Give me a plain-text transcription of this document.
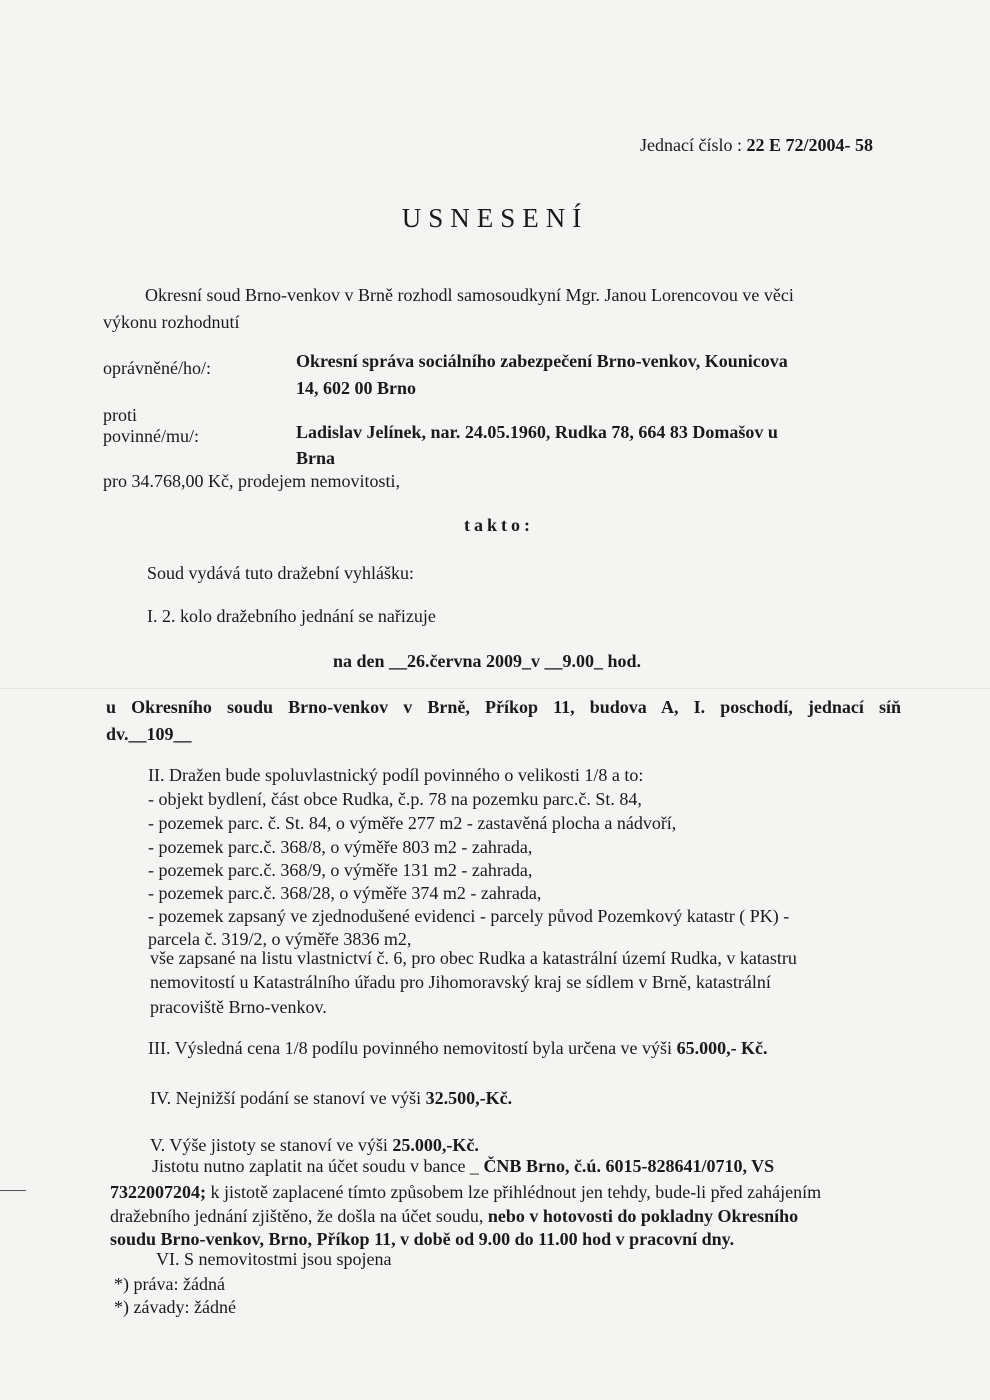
Jednací číslo : 22 E 72/2004- 58
USNESENÍ
Okresní soud Brno-venkov v Brně rozhodl samosoudkyní Mgr. Janou Lorencovou ve věci
výkonu rozhodnutí
oprávněné/ho/:	Okresní správa sociálního zabezpečení Brno-venkov, Kounicova
14, 602 00 Brno
proti
povinné/mu/:	Ladislav Jelínek, nar. 24.05.1960, Rudka 78, 664 83 Domašov u
Brna
pro 34.768,00 Kč, prodejem nemovitosti,
takto:
Soud vydává tuto dražební vyhlášku:
I. 2. kolo dražebního jednání se nařizuje
na den __26.června 2009_v __9.00_ hod.
u Okresního soudu Brno-venkov v Brně, Příkop 11, budova A, I. poschodí, jednací síň
dv.__109__
II. Dražen bude spoluvlastnický podíl povinného o velikosti 1/8 a to:
- objekt bydlení, část obce Rudka, č.p. 78 na pozemku parc.č. St. 84,
- pozemek parc. č. St. 84, o výměře 277 m2 - zastavěná plocha a nádvoří,
- pozemek parc.č. 368/8, o výměře 803 m2 - zahrada,
- pozemek parc.č. 368/9, o výměře 131 m2 - zahrada,
- pozemek parc.č. 368/28, o výměře 374 m2 - zahrada,
- pozemek zapsaný ve zjednodušené evidenci - parcely původ Pozemkový katastr ( PK) -
parcela č. 319/2, o výměře 3836 m2,
vše zapsané na listu vlastnictví č. 6, pro obec Rudka a katastrální území Rudka, v katastru
nemovitostí u Katastrálního úřadu pro Jihomoravský kraj se sídlem v Brně, katastrální
pracoviště Brno-venkov.
III. Výsledná cena 1/8 podílu povinného nemovitostí byla určena ve výši 65.000,- Kč.
IV. Nejnižší podání se stanoví ve výši 32.500,-Kč.
V. Výše jistoty se stanoví ve výši 25.000,-Kč.
Jistotu nutno zaplatit na účet soudu v bance _ ČNB Brno, č.ú. 6015-828641/0710, VS
7322007204; k jistotě zaplacené tímto způsobem lze přihlédnout jen tehdy, bude-li před zahájením
dražebního jednání zjištěno, že došla na účet soudu, nebo v hotovosti do pokladny Okresního
soudu Brno-venkov, Brno, Příkop 11, v době od 9.00 do 11.00 hod v pracovní dny.
VI. S nemovitostmi jsou spojena
*) práva: žádná
*) závady: žádné
